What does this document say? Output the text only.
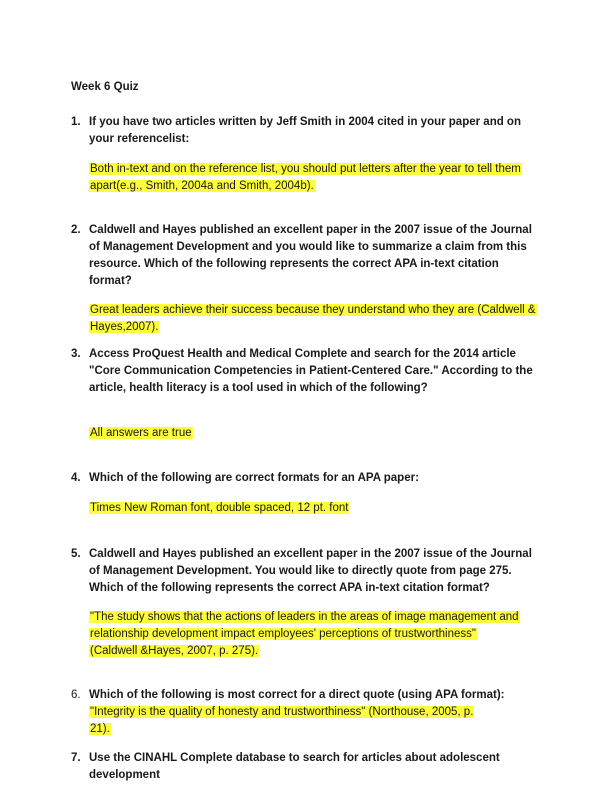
Week 6 Quiz
1. If you have two articles written by Jeff Smith in 2004 cited in your paper and on your referencelist:
Both in-text and on the reference list, you should put letters after the year to tell them
apart(e.g., Smith, 2004a and Smith, 2004b).
2. Caldwell and Hayes published an excellent paper in the 2007 issue of the Journal of Management Development and you would like to summarize a claim from this resource. Which of the following represents the correct APA in-text citation format?
Great leaders achieve their success because they understand who they are (Caldwell &
Hayes,2007).
3. Access ProQuest Health and Medical Complete and search for the 2014 article "Core Communication Competencies in Patient-Centered Care." According to the article, health literacy is a tool used in which of the following?
All answers are true
4. Which of the following are correct formats for an APA paper:
Times New Roman font, double spaced, 12 pt. font
5. Caldwell and Hayes published an excellent paper in the 2007 issue of the Journal of Management Development. You would like to directly quote from page 275. Which of the following represents the correct APA in-text citation format?
"The study shows that the actions of leaders in the areas of image management and
relationship development impact employees' perceptions of trustworthiness"
(Caldwell &Hayes, 2007, p. 275).
6. Which of the following is most correct for a direct quote (using APA format):
"Integrity is the quality of honesty and trustworthiness" (Northouse, 2005, p.
21).
7. Use the CINAHL Complete database to search for articles about adolescent development
